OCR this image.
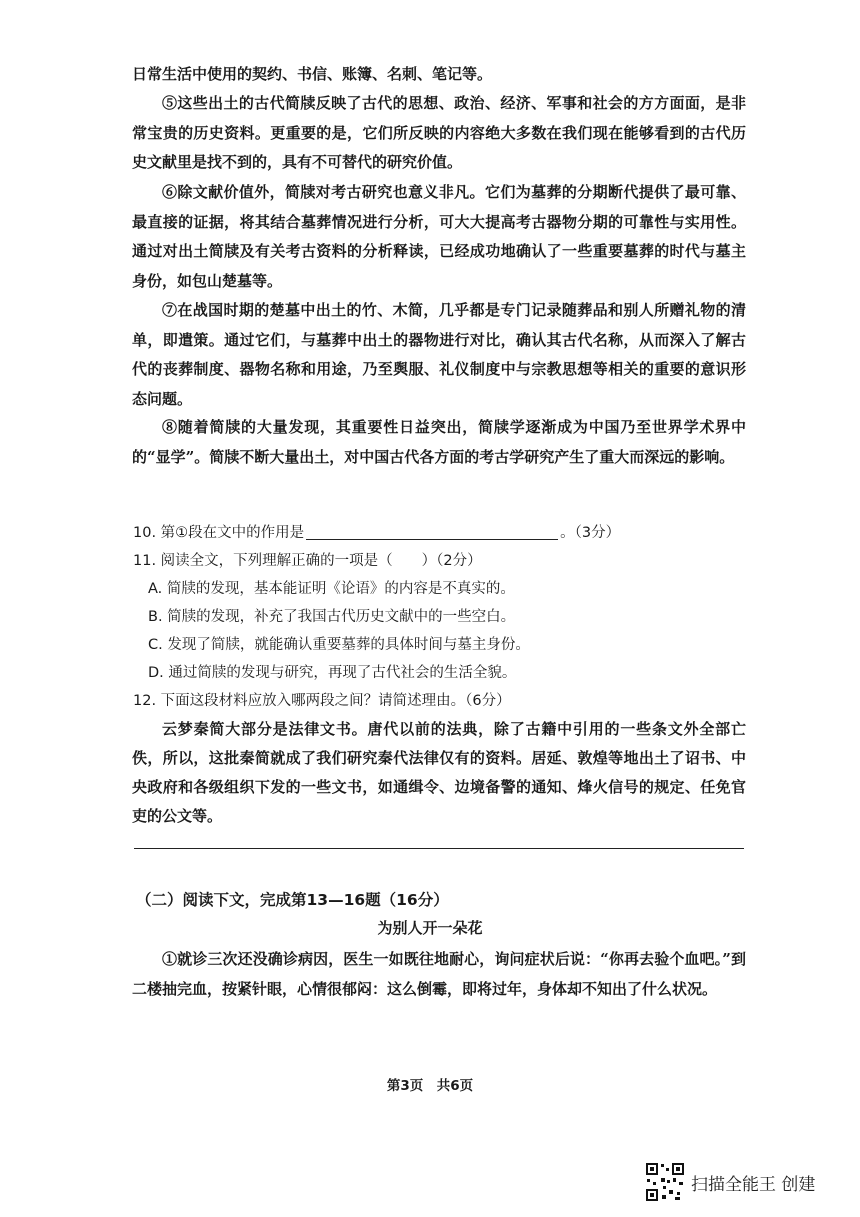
日常生活中使用的契约、书信、账簿、名刺、笔记等。

⑤这些出土的古代简牍反映了古代的思想、政治、经济、军事和社会的方方面面，是非常宝贵的历史资料。更重要的是，它们所反映的内容绝大多数在我们现在能够看到的古代历史文献里是找不到的，具有不可替代的研究价值。

⑥除文献价值外，简牍对考古研究也意义非凡。它们为墓葬的分期断代提供了最可靠、最直接的证据，将其结合墓葬情况进行分析，可大大提高考古器物分期的可靠性与实用性。通过对出土简牍及有关考古资料的分析释读，已经成功地确认了一些重要墓葬的时代与墓主身份，如包山楚墓等。

⑦在战国时期的楚墓中出土的竹、木简，几乎都是专门记录随葬品和别人所赠礼物的清单，即遣策。通过它们，与墓葬中出土的器物进行对比，确认其古代名称，从而深入了解古代的丧葬制度、器物名称和用途，乃至舆服、礼仪制度中与宗教思想等相关的重要的意识形态问题。

⑧随着简牍的大量发现，其重要性日益突出，简牍学逐渐成为中国乃至世界学术界中的“显学”。简牍不断大量出土，对中国古代各方面的考古学研究产生了重大而深远的影响。

10. 第①段在文中的作用是	。（3分）

11. 阅读全文，下列理解正确的一项是（　　）（2分）

A. 简牍的发现，基本能证明《论语》的内容是不真实的。

B. 简牍的发现，补充了我国古代历史文献中的一些空白。

C. 发现了简牍，就能确认重要墓葬的具体时间与墓主身份。

D. 通过简牍的发现与研究，再现了古代社会的生活全貌。

12. 下面这段材料应放入哪两段之间？请简述理由。（6分）

云梦秦简大部分是法律文书。唐代以前的法典，除了古籍中引用的一些条文外全部亡佚，所以，这批秦简就成了我们研究秦代法律仅有的资料。居延、敦煌等地出土了诏书、中央政府和各级组织下发的一些文书，如通缉令、边境备警的通知、烽火信号的规定、任免官吏的公文等。

（二）阅读下文，完成第13—16题（16分）

为别人开一朵花

①就诊三次还没确诊病因，医生一如既往地耐心，询问症状后说：“你再去验个血吧。”到二楼抽完血，按紧针眼，心情很郁闷：这么倒霉，即将过年，身体却不知出了什么状况。

第3页　共6页
扫描全能王 创建
